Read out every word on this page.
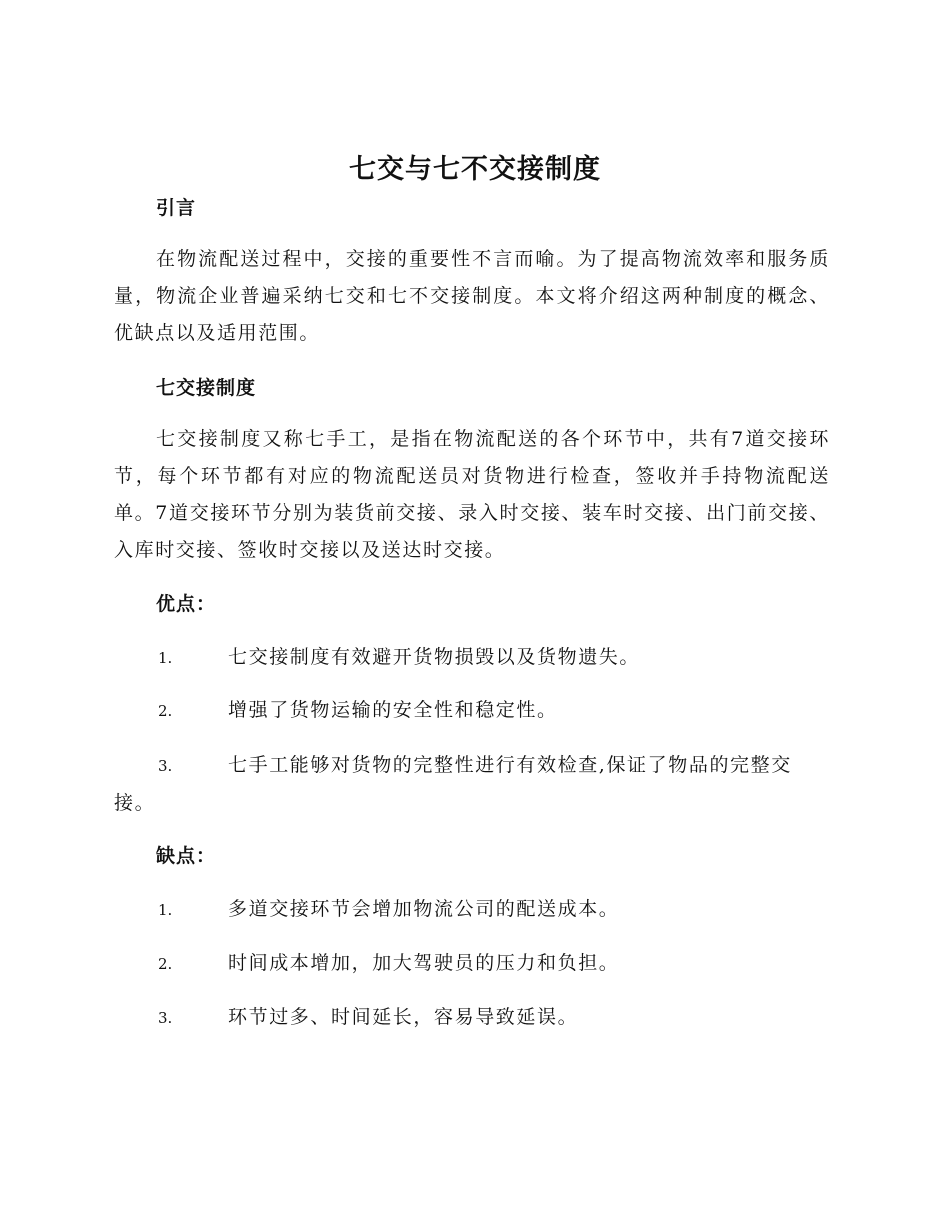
七交与七不交接制度
引言

在物流配送过程中，交接的重要性不言而喻。为了提高物流效率和服务质量，物流企业普遍采纳七交和七不交接制度。本文将介绍这两种制度的概念、优缺点以及适用范围。

七交接制度

七交接制度又称七手工，是指在物流配送的各个环节中，共有7道交接环节，每个环节都有对应的物流配送员对货物进行检查，签收并手持物流配送单。7道交接环节分别为装货前交接、录入时交接、装车时交接、出门前交接、入库时交接、签收时交接以及送达时交接。

优点：

1.	七交接制度有效避开货物损毁以及货物遗失。

2.	增强了货物运输的安全性和稳定性。

3.	七手工能够对货物的完整性进行有效检查,保证了物品的完整交接。

缺点：

1.	多道交接环节会增加物流公司的配送成本。

2.	时间成本增加，加大驾驶员的压力和负担。

3.	环节过多、时间延长，容易导致延误。
